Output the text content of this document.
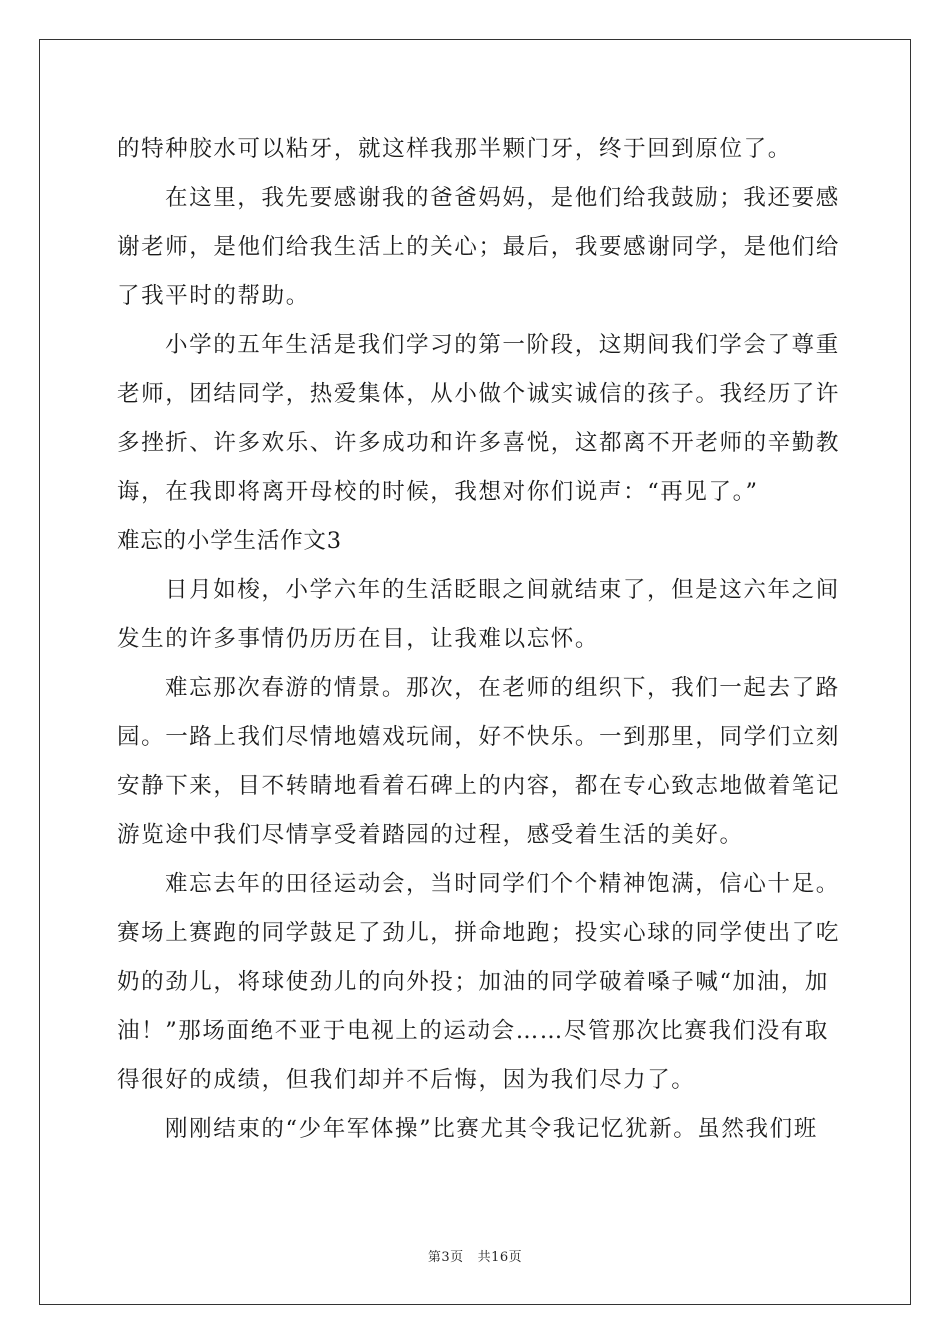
的特种胶水可以粘牙，就这样我那半颗门牙，终于回到原位了。
在这里，我先要感谢我的爸爸妈妈，是他们给我鼓励；我还要感
谢老师，是他们给我生活上的关心；最后，我要感谢同学，是他们给
了我平时的帮助。
小学的五年生活是我们学习的第一阶段，这期间我们学会了尊重
老师，团结同学，热爱集体，从小做个诚实诚信的孩子。我经历了许
多挫折、许多欢乐、许多成功和许多喜悦，这都离不开老师的辛勤教
诲，在我即将离开母校的时候，我想对你们说声：“再见了。”
难忘的小学生活作文3
日月如梭，小学六年的生活眨眼之间就结束了，但是这六年之间
发生的许多事情仍历历在目，让我难以忘怀。
难忘那次春游的情景。那次，在老师的组织下，我们一起去了路
园。一路上我们尽情地嬉戏玩闹，好不快乐。一到那里，同学们立刻
安静下来，目不转睛地看着石碑上的内容，都在专心致志地做着笔记
游览途中我们尽情享受着踏园的过程，感受着生活的美好。
难忘去年的田径运动会，当时同学们个个精神饱满，信心十足。
赛场上赛跑的同学鼓足了劲儿，拼命地跑；投实心球的同学使出了吃
奶的劲儿，将球使劲儿的向外投；加油的同学破着嗓子喊“加油，加
油！”那场面绝不亚于电视上的运动会……尽管那次比赛我们没有取
得很好的成绩，但我们却并不后悔，因为我们尽力了。
刚刚结束的“少年军体操”比赛尤其令我记忆犹新。虽然我们班
第3页 共16页
